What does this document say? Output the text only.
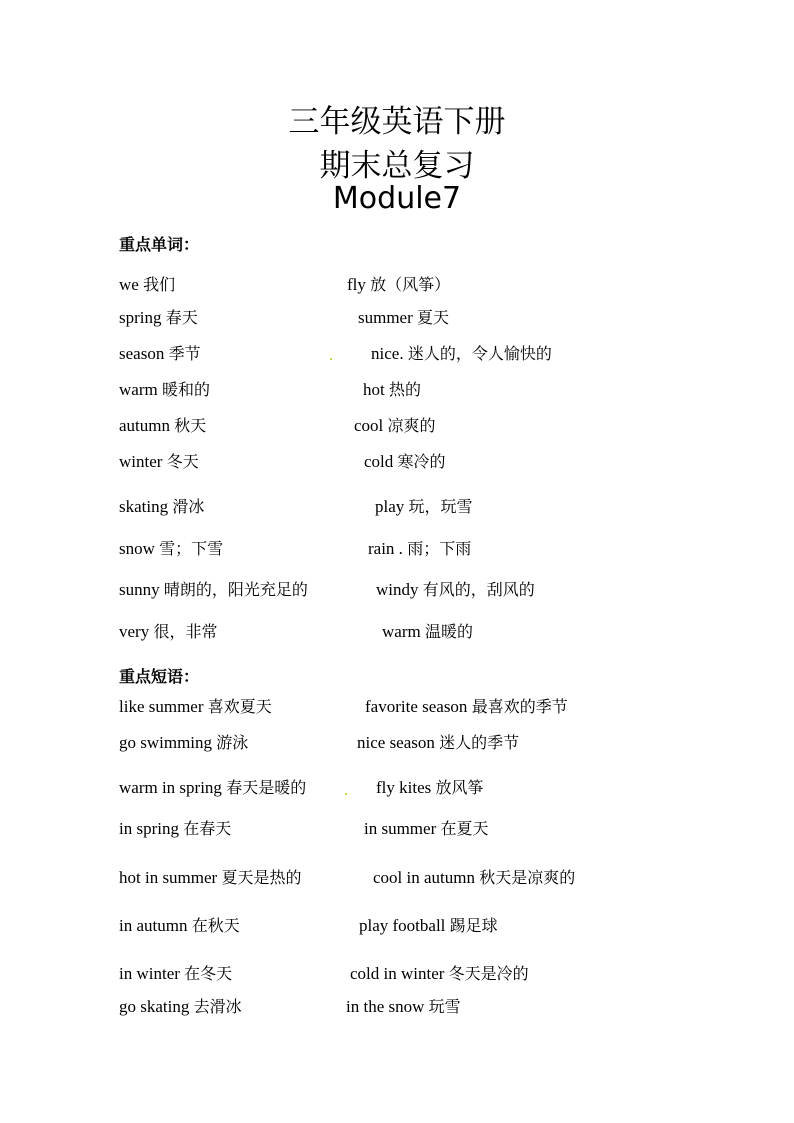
三年级英语下册
期末总复习
Module7
重点单词：
we 我们	fly 放（风筝）
spring 春天	summer 夏天
season 季节	nice. 迷人的，令人愉快的
warm 暖和的	hot 热的
autumn 秋天	cool 凉爽的
winter 冬天	cold 寒冷的
skating 滑冰	play 玩，玩雪
snow 雪；下雪	rain . 雨；下雨
sunny 晴朗的，阳光充足的	windy 有风的，刮风的
very 很，非常	warm 温暖的
重点短语：
like summer 喜欢夏天	favorite season 最喜欢的季节
go swimming 游泳	nice season 迷人的季节
warm in spring 春天是暖的	fly kites 放风筝
in spring 在春天	in summer 在夏天
hot in summer 夏天是热的	cool in autumn 秋天是凉爽的
in autumn 在秋天	play football 踢足球
in winter 在冬天	cold in winter 冬天是冷的
go skating 去滑冰	in the snow 玩雪
